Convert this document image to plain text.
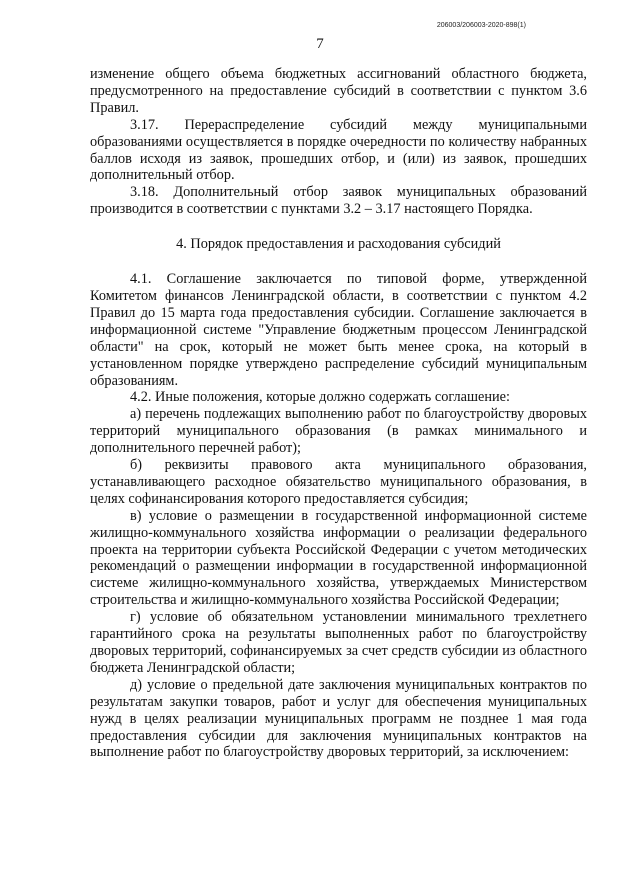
206003/206003-2020-898(1)
7

изменение общего объема бюджетных ассигнований областного бюджета, предусмотренного на предоставление субсидий в соответствии с пунктом 3.6 Правил.

3.17. Перераспределение субсидий между муниципальными образованиями осуществляется в порядке очередности по количеству набранных баллов исходя из заявок, прошедших отбор, и (или) из заявок, прошедших дополнительный отбор.

3.18. Дополнительный отбор заявок муниципальных образований производится в соответствии с пунктами 3.2 – 3.17 настоящего Порядка.

4. Порядок предоставления и расходования субсидий

4.1. Соглашение заключается по типовой форме, утвержденной Комитетом финансов Ленинградской области, в соответствии с пунктом 4.2 Правил до 15 марта года предоставления субсидии. Соглашение заключается в информационной системе "Управление бюджетным процессом Ленинградской области" на срок, который не может быть менее срока, на который в установленном порядке утверждено распределение субсидий муниципальным образованиям.

4.2. Иные положения, которые должно содержать соглашение:

а) перечень подлежащих выполнению работ по благоустройству дворовых территорий муниципального образования (в рамках минимального и дополнительного перечней работ);

б) реквизиты правового акта муниципального образования, устанавливающего расходное обязательство муниципального образования, в целях софинансирования которого предоставляется субсидия;

в) условие о размещении в государственной информационной системе жилищно-коммунального хозяйства информации о реализации федерального проекта на территории субъекта Российской Федерации с учетом методических рекомендаций о размещении информации в государственной информационной системе жилищно-коммунального хозяйства, утверждаемых Министерством строительства и жилищно-коммунального хозяйства Российской Федерации;

г) условие об обязательном установлении минимального трехлетнего гарантийного срока на результаты выполненных работ по благоустройству дворовых территорий, софинансируемых за счет средств субсидии из областного бюджета Ленинградской области;

д) условие о предельной дате заключения муниципальных контрактов по результатам закупки товаров, работ и услуг для обеспечения муниципальных нужд в целях реализации муниципальных программ не позднее 1 мая года предоставления субсидии для заключения муниципальных контрактов на выполнение работ по благоустройству дворовых территорий, за исключением:
